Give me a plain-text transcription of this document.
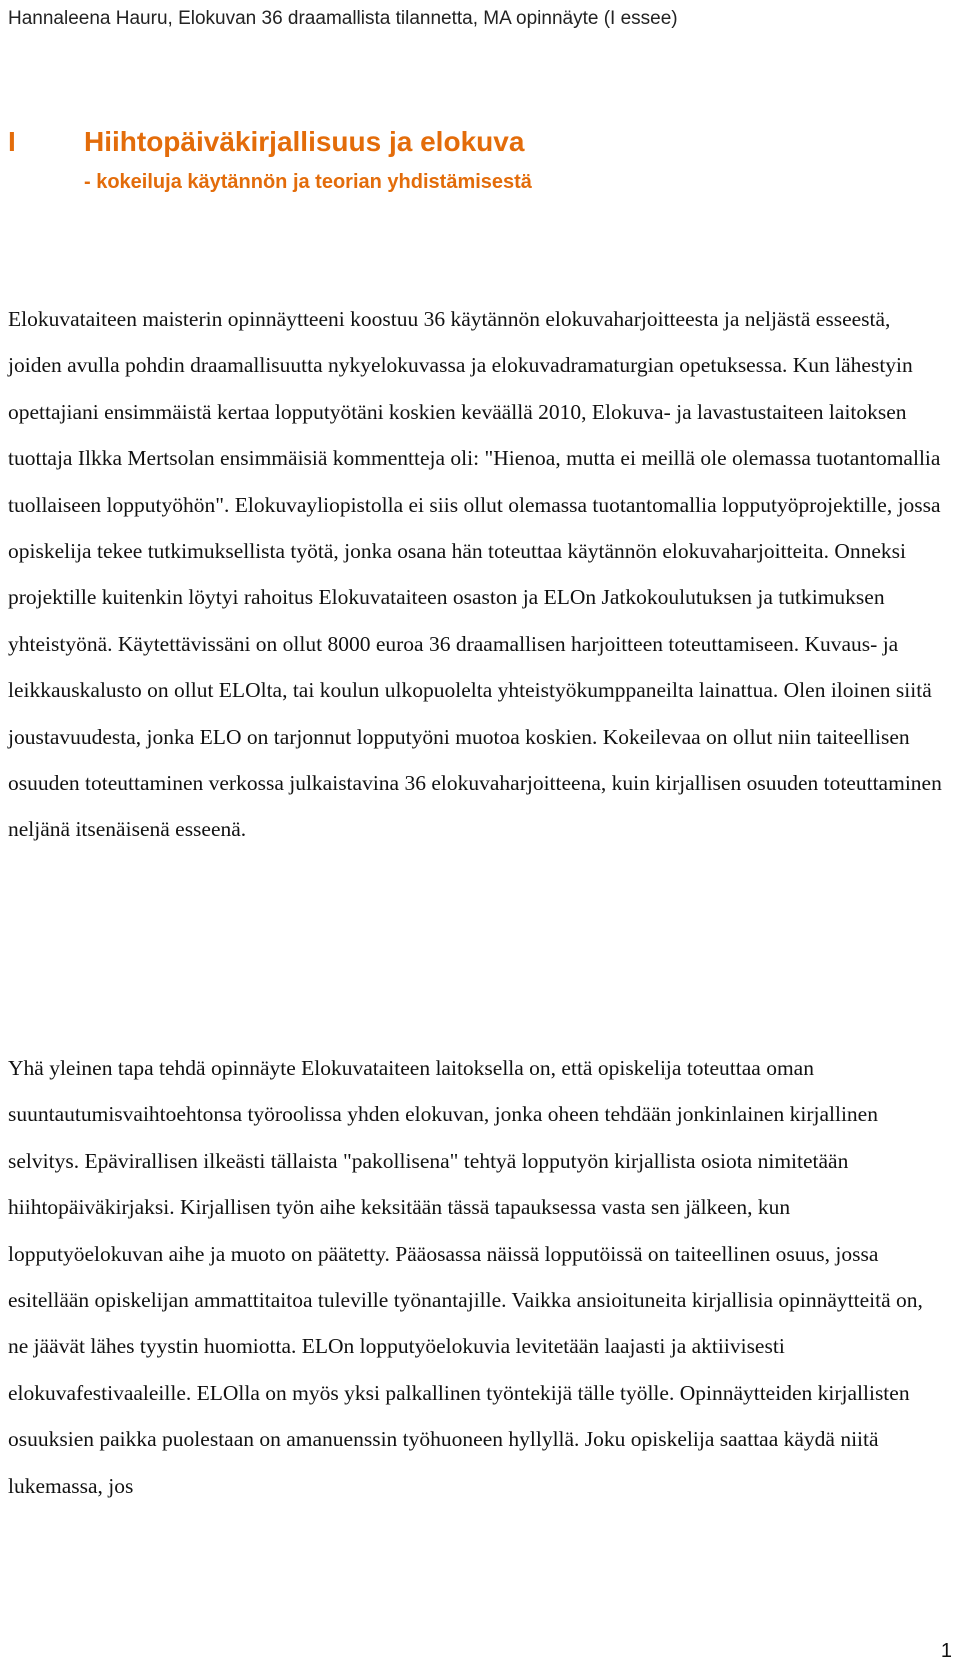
Hannaleena Hauru, Elokuvan 36 draamallista tilannetta, MA opinnäyte (I essee)
I Hiihtopäiväkirjallisuus ja elokuva
- kokeiluja käytännön ja teorian yhdistämisestä

Elokuvataiteen maisterin opinnäytteeni koostuu 36 käytännön elokuvaharjoitteesta ja neljästä esseestä, joiden avulla pohdin draamallisuutta nykyelokuvassa ja elokuvadramaturgian opetuksessa. Kun lähestyin opettajiani ensimmäistä kertaa lopputyötäni koskien keväällä 2010, Elokuva- ja lavastustaiteen laitoksen tuottaja Ilkka Mertsolan ensimmäisiä kommentteja oli: "Hienoa, mutta ei meillä ole olemassa tuotantomallia tuollaiseen lopputyöhön". Elokuvayliopistolla ei siis ollut olemassa tuotantomallia lopputyöprojektille, jossa opiskelija tekee tutkimuksellista työtä, jonka osana hän toteuttaa käytännön elokuvaharjoitteita. Onneksi projektille kuitenkin löytyi rahoitus Elokuvataiteen osaston ja ELOn Jatkokoulutuksen ja tutkimuksen yhteistyönä. Käytettävissäni on ollut 8000 euroa 36 draamallisen harjoitteen toteuttamiseen. Kuvaus- ja leikkauskalusto on ollut ELOlta, tai koulun ulkopuolelta yhteistyökumppaneilta lainattua. Olen iloinen siitä joustavuudesta, jonka ELO on tarjonnut lopputyöni muotoa koskien. Kokeilevaa on ollut niin taiteellisen osuuden toteuttaminen verkossa julkaistavina 36 elokuvaharjoitteena, kuin kirjallisen osuuden toteuttaminen neljänä itsenäisenä esseenä.

Yhä yleinen tapa tehdä opinnäyte Elokuvataiteen laitoksella on, että opiskelija toteuttaa oman suuntautumisvaihtoehtonsa työroolissa yhden elokuvan, jonka oheen tehdään jonkinlainen kirjallinen selvitys. Epävirallisen ilkeästi tällaista "pakollisena" tehtyä lopputyön kirjallista osiota nimitetään hiihtopäiväkirjaksi. Kirjallisen työn aihe keksitään tässä tapauksessa vasta sen jälkeen, kun lopputyöelokuvan aihe ja muoto on päätetty. Pääosassa näissä lopputöissä on taiteellinen osuus, jossa esitellään opiskelijan ammattitaitoa tuleville työnantajille. Vaikka ansioituneita kirjallisia opinnäytteitä on, ne jäävät lähes tyystin huomiotta. ELOn lopputyöelokuvia levitetään laajasti ja aktiivisesti elokuvafestivaaleille. ELOlla on myös yksi palkallinen työntekijä tälle työlle. Opinnäytteiden kirjallisten osuuksien paikka puolestaan on amanuenssin työhuoneen hyllyllä. Joku opiskelija saattaa käydä niitä lukemassa, jos

1
